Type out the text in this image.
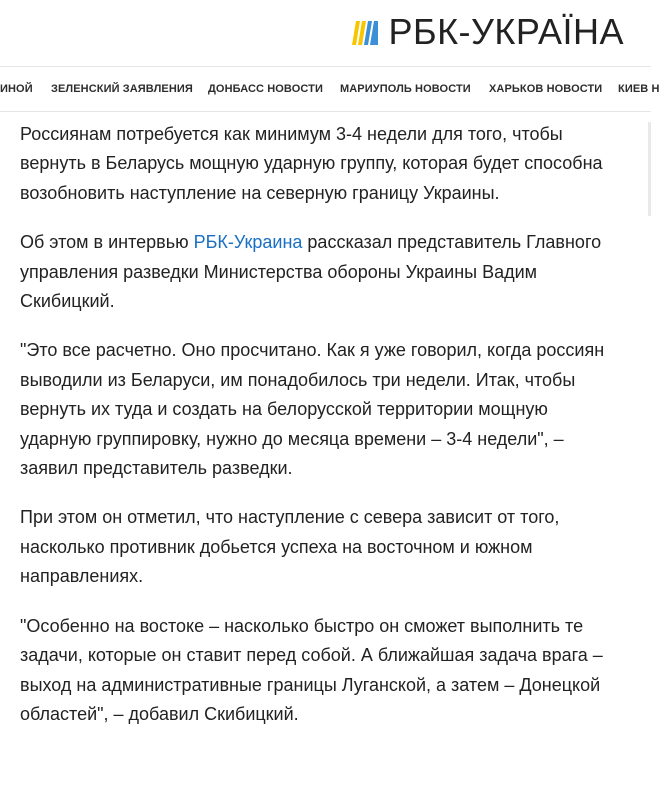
РБК-УКРАЇНА
ИНОЙ ЗЕЛЕНСКИЙ ЗАЯВЛЕНИЯ ДОНБАСС НОВОСТИ МАРИУПОЛЬ НОВОСТИ ХАРЬКОВ НОВОСТИ КИЕВ Н

Россиянам потребуется как минимум 3-4 недели для того, чтобы вернуть в Беларусь мощную ударную группу, которая будет способна возобновить наступление на северную границу Украины.

Об этом в интервью РБК-Украина рассказал представитель Главного управления разведки Министерства обороны Украины Вадим Скибицкий.

"Это все расчетно. Оно просчитано. Как я уже говорил, когда россиян выводили из Беларуси, им понадобилось три недели. Итак, чтобы вернуть их туда и создать на белорусской территории мощную ударную группировку, нужно до месяца времени – 3-4 недели", – заявил представитель разведки.

При этом он отметил, что наступление с севера зависит от того, насколько противник добьется успеха на восточном и южном направлениях.

"Особенно на востоке – насколько быстро он сможет выполнить те задачи, которые он ставит перед собой. А ближайшая задача врага – выход на административные границы Луганской, а затем – Донецкой областей", – добавил Скибицкий.
